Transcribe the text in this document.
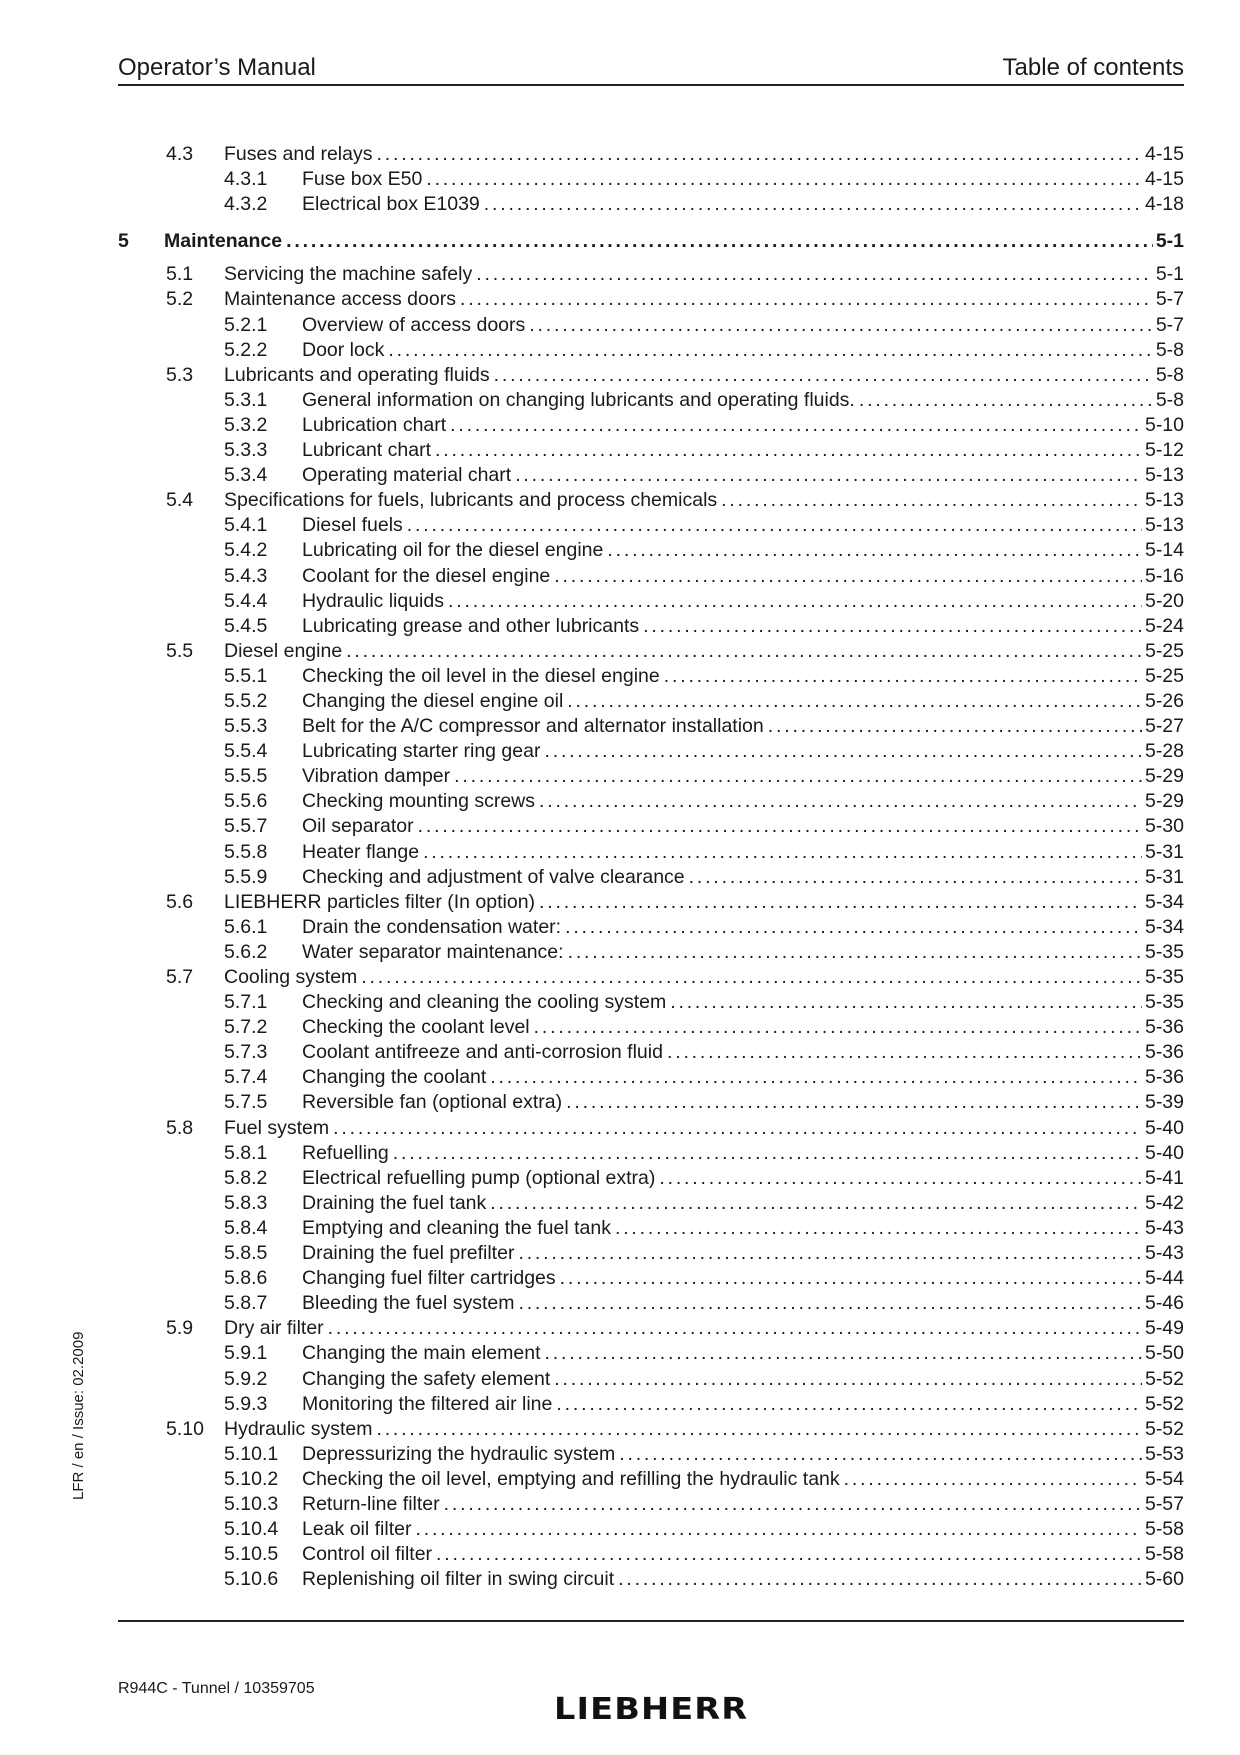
Operator’s Manual	Table of contents
4.3 Fuses and relays . . .	4-15
4.3.1 Fuse box E50 . . .	4-15
4.3.2 Electrical box E1039 . . .	4-18
5 Maintenance . . .	5-1
5.1 Servicing the machine safely . . .	5-1
5.2 Maintenance access doors . . .	5-7
5.2.1 Overview of access doors . . .	5-7
5.2.2 Door lock . . .	5-8
5.3 Lubricants and operating fluids . . .	5-8
5.3.1 General information on changing lubricants and operating fluids. . . .	5-8
5.3.2 Lubrication chart . . .	5-10
5.3.3 Lubricant chart . . .	5-12
5.3.4 Operating material chart . . .	5-13
5.4 Specifications for fuels, lubricants and process chemicals . . .	5-13
5.4.1 Diesel fuels . . .	5-13
5.4.2 Lubricating oil for the diesel engine . . .	5-14
5.4.3 Coolant for the diesel engine . . .	5-16
5.4.4 Hydraulic liquids . . .	5-20
5.4.5 Lubricating grease and other lubricants . . .	5-24
5.5 Diesel engine . . .	5-25
5.5.1 Checking the oil level in the diesel engine . . .	5-25
5.5.2 Changing the diesel engine oil . . .	5-26
5.5.3 Belt for the A/C compressor and alternator installation . . .	5-27
5.5.4 Lubricating starter ring gear . . .	5-28
5.5.5 Vibration damper . . .	5-29
5.5.6 Checking mounting screws . . .	5-29
5.5.7 Oil separator . . .	5-30
5.5.8 Heater flange . . .	5-31
5.5.9 Checking and adjustment of valve clearance . . .	5-31
5.6 LIEBHERR particles filter (In option) . . .	5-34
5.6.1 Drain the condensation water: . . .	5-34
5.6.2 Water separator maintenance: . . .	5-35
5.7 Cooling system . . .	5-35
5.7.1 Checking and cleaning the cooling system . . .	5-35
5.7.2 Checking the coolant level . . .	5-36
5.7.3 Coolant antifreeze and anti-corrosion fluid . . .	5-36
5.7.4 Changing the coolant . . .	5-36
5.7.5 Reversible fan (optional extra) . . .	5-39
5.8 Fuel system . . .	5-40
5.8.1 Refuelling . . .	5-40
5.8.2 Electrical refuelling pump (optional extra) . . .	5-41
5.8.3 Draining the fuel tank . . .	5-42
5.8.4 Emptying and cleaning the fuel tank . . .	5-43
5.8.5 Draining the fuel prefilter . . .	5-43
5.8.6 Changing fuel filter cartridges . . .	5-44
5.8.7 Bleeding the fuel system . . .	5-46
5.9 Dry air filter . . .	5-49
5.9.1 Changing the main element . . .	5-50
5.9.2 Changing the safety element . . .	5-52
5.9.3 Monitoring the filtered air line . . .	5-52
5.10 Hydraulic system . . .	5-52
5.10.1 Depressurizing the hydraulic system . . .	5-53
5.10.2 Checking the oil level, emptying and refilling the hydraulic tank . . .	5-54
5.10.3 Return-line filter . . .	5-57
5.10.4 Leak oil filter . . .	5-58
5.10.5 Control oil filter . . .	5-58
5.10.6 Replenishing oil filter in swing circuit . . .	5-60
LFR / en / Issue: 02.2009
R944C - Tunnel / 10359705
LIEBHERR
